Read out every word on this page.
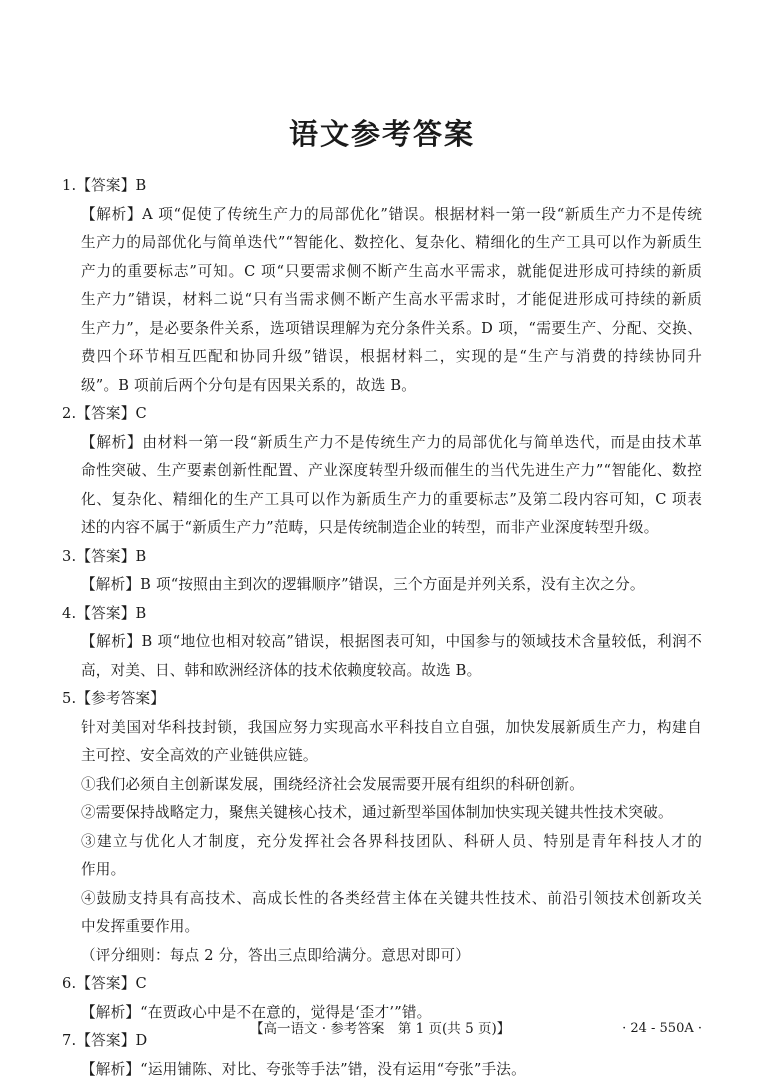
语文参考答案
1.【答案】B
【解析】A 项“促使了传统生产力的局部优化”错误。根据材料一第一段“新质生产力不是传统
生产力的局部优化与简单迭代”“智能化、数控化、复杂化、精细化的生产工具可以作为新质生
产力的重要标志”可知。C 项“只要需求侧不断产生高水平需求，就能促进形成可持续的新质
生产力”错误，材料二说“只有当需求侧不断产生高水平需求时，才能促进形成可持续的新质
生产力”，是必要条件关系，选项错误理解为充分条件关系。D 项，“需要生产、分配、交换、
费四个环节相互匹配和协同升级”错误，根据材料二，实现的是“生产与消费的持续协同升
级”。B 项前后两个分句是有因果关系的，故选 B。
2.【答案】C
【解析】由材料一第一段“新质生产力不是传统生产力的局部优化与简单迭代，而是由技术革
命性突破、生产要素创新性配置、产业深度转型升级而催生的当代先进生产力”“智能化、数控
化、复杂化、精细化的生产工具可以作为新质生产力的重要标志”及第二段内容可知，C 项表
述的内容不属于“新质生产力”范畴，只是传统制造企业的转型，而非产业深度转型升级。
3.【答案】B
【解析】B 项“按照由主到次的逻辑顺序”错误，三个方面是并列关系，没有主次之分。
4.【答案】B
【解析】B 项“地位也相对较高”错误，根据图表可知，中国参与的领域技术含量较低，利润不
高，对美、日、韩和欧洲经济体的技术依赖度较高。故选 B。
5.【参考答案】
针对美国对华科技封锁，我国应努力实现高水平科技自立自强，加快发展新质生产力，构建自
主可控、安全高效的产业链供应链。
①我们必须自主创新谋发展，围绕经济社会发展需要开展有组织的科研创新。
②需要保持战略定力，聚焦关键核心技术，通过新型举国体制加快实现关键共性技术突破。
③建立与优化人才制度，充分发挥社会各界科技团队、科研人员、特别是青年科技人才的
作用。
④鼓励支持具有高技术、高成长性的各类经营主体在关键共性技术、前沿引领技术创新攻关
中发挥重要作用。
（评分细则：每点 2 分，答出三点即给满分。意思对即可）
6.【答案】C
【解析】“在贾政心中是不在意的，觉得是‘歪才’”错。
7.【答案】D
【解析】“运用铺陈、对比、夸张等手法”错，没有运用“夸张”手法。
【高一语文 · 参考答案　第 1 页(共 5 页)】	· 24 - 550A ·
